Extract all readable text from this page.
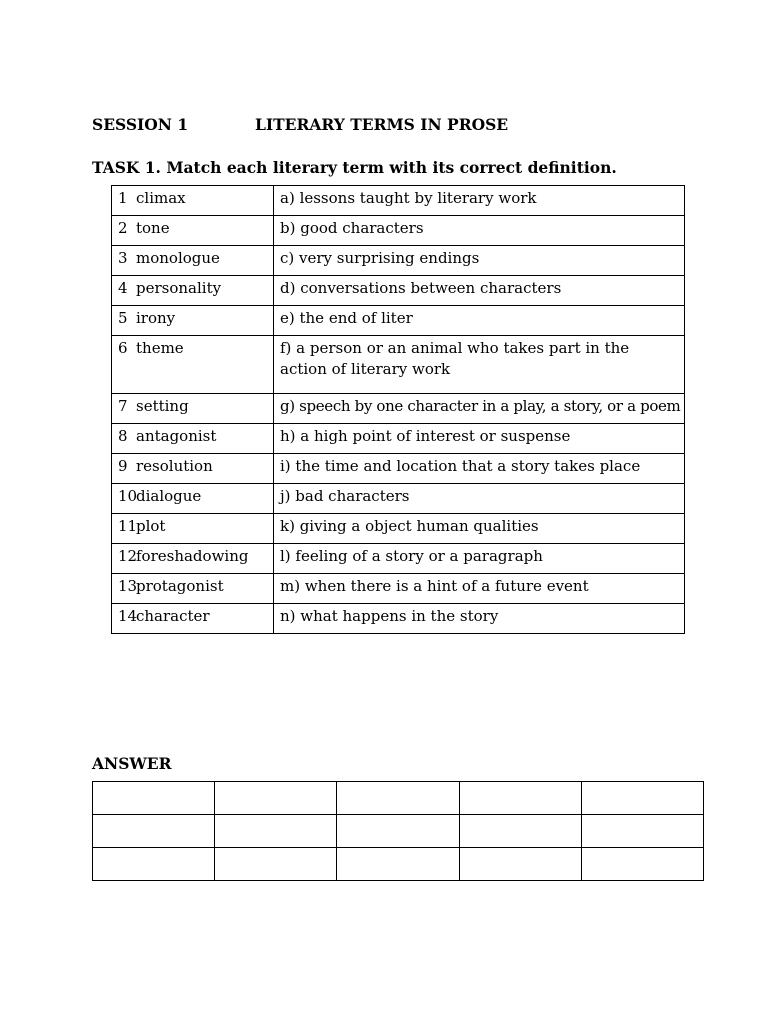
SESSION 1	LITERARY TERMS IN PROSE
TASK 1. Match each literary term with its correct definition.
1 climax	a) lessons taught by literary work
2 tone	b) good characters
3 monologue	c) very surprising endings
4 personality	d) conversations between characters
5 irony	e) the end of liter
6 theme	f) a person or an animal who takes part in the action of literary work
7 setting	g) speech by one character in a play, a story, or a poem
8 antagonist	h) a high point of interest or suspense
9 resolution	i) the time and location that a story takes place
10dialogue	j) bad characters
11plot	k) giving a object human qualities
12foreshadowing	l) feeling of a story or a paragraph
13protagonist	m) when there is a hint of a future event
14character	n) what happens in the story
ANSWER
